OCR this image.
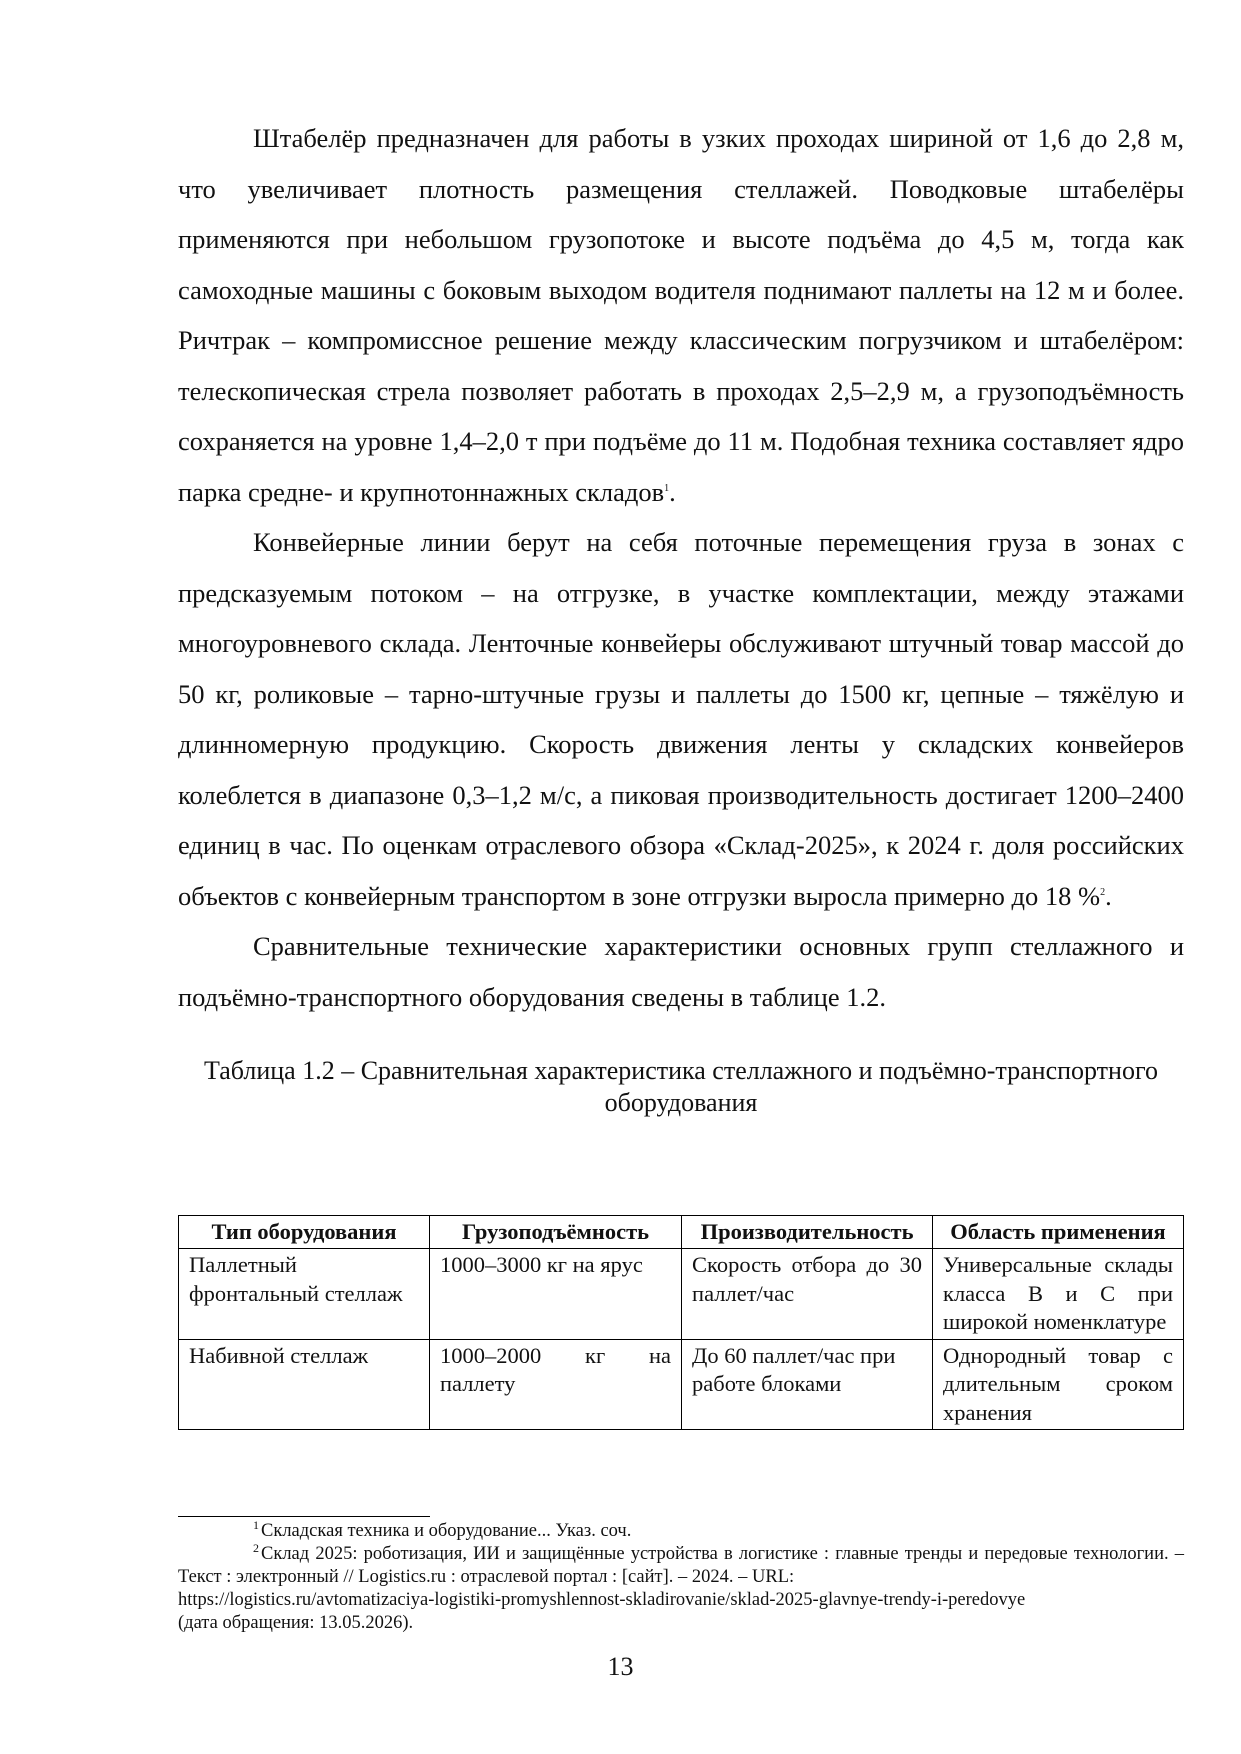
Штабелёр предназначен для работы в узких проходах шириной от 1,6 до 2,8 м, что увеличивает плотность размещения стеллажей. Поводковые штабелёры применяются при небольшом грузопотоке и высоте подъёма до 4,5 м, тогда как самоходные машины с боковым выходом водителя поднимают паллеты на 12 м и более. Ричтрак – компромиссное решение между классическим погрузчиком и штабелёром: телескопическая стрела позволяет работать в проходах 2,5–2,9 м, а грузоподъёмность сохраняется на уровне 1,4–2,0 т при подъёме до 11 м. Подобная техника составляет ядро парка средне- и крупнотоннажных складов$^1$.

Конвейерные линии берут на себя поточные перемещения груза в зонах с предсказуемым потоком – на отгрузке, в участке комплектации, между этажами многоуровневого склада. Ленточные конвейеры обслуживают штучный товар массой до 50 кг, роликовые – тарно-штучные грузы и паллеты до 1500 кг, цепные – тяжёлую и длинномерную продукцию. Скорость движения ленты у складских конвейеров колеблется в диапазоне 0,3–1,2 м/с, а пиковая производительность достигает 1200–2400 единиц в час. По оценкам отраслевого обзора «Склад-2025», к 2024 г. доля российских объектов с конвейерным транспортом в зоне отгрузки выросла примерно до 18 %$^2$.

Сравнительные технические характеристики основных групп стеллажного и подъёмно-транспортного оборудования сведены в таблице 1.2.

Таблица 1.2 – Сравнительная характеристика стеллажного и подъёмно-транспортного оборудования

Тип оборудования	Грузоподъёмность	Производительность	Область применения
Паллетный фронтальный стеллаж	1000–3000 кг на ярус	Скорость отбора до 30 паллет/час	Универсальные склады класса B и C при широкой номенклатуре
Набивной стеллаж	1000–2000 кг на паллету	До 60 паллет/час при работе блоками	Однородный товар с длительным сроком хранения

$^1$ Складская техника и оборудование... Указ. соч.

$^2$ Склад 2025: роботизация, ИИ и защищённые устройства в логистике : главные тренды и передовые технологии. – Текст : электронный // Logistics.ru : отраслевой портал : [сайт]. – 2024. – URL:

https://logistics.ru/avtomatizaciya-logistiki-promyshlennost-skladirovanie/sklad-2025-glavnye-trendy-i-peredovye

(дата обращения: 13.05.2026).

13
